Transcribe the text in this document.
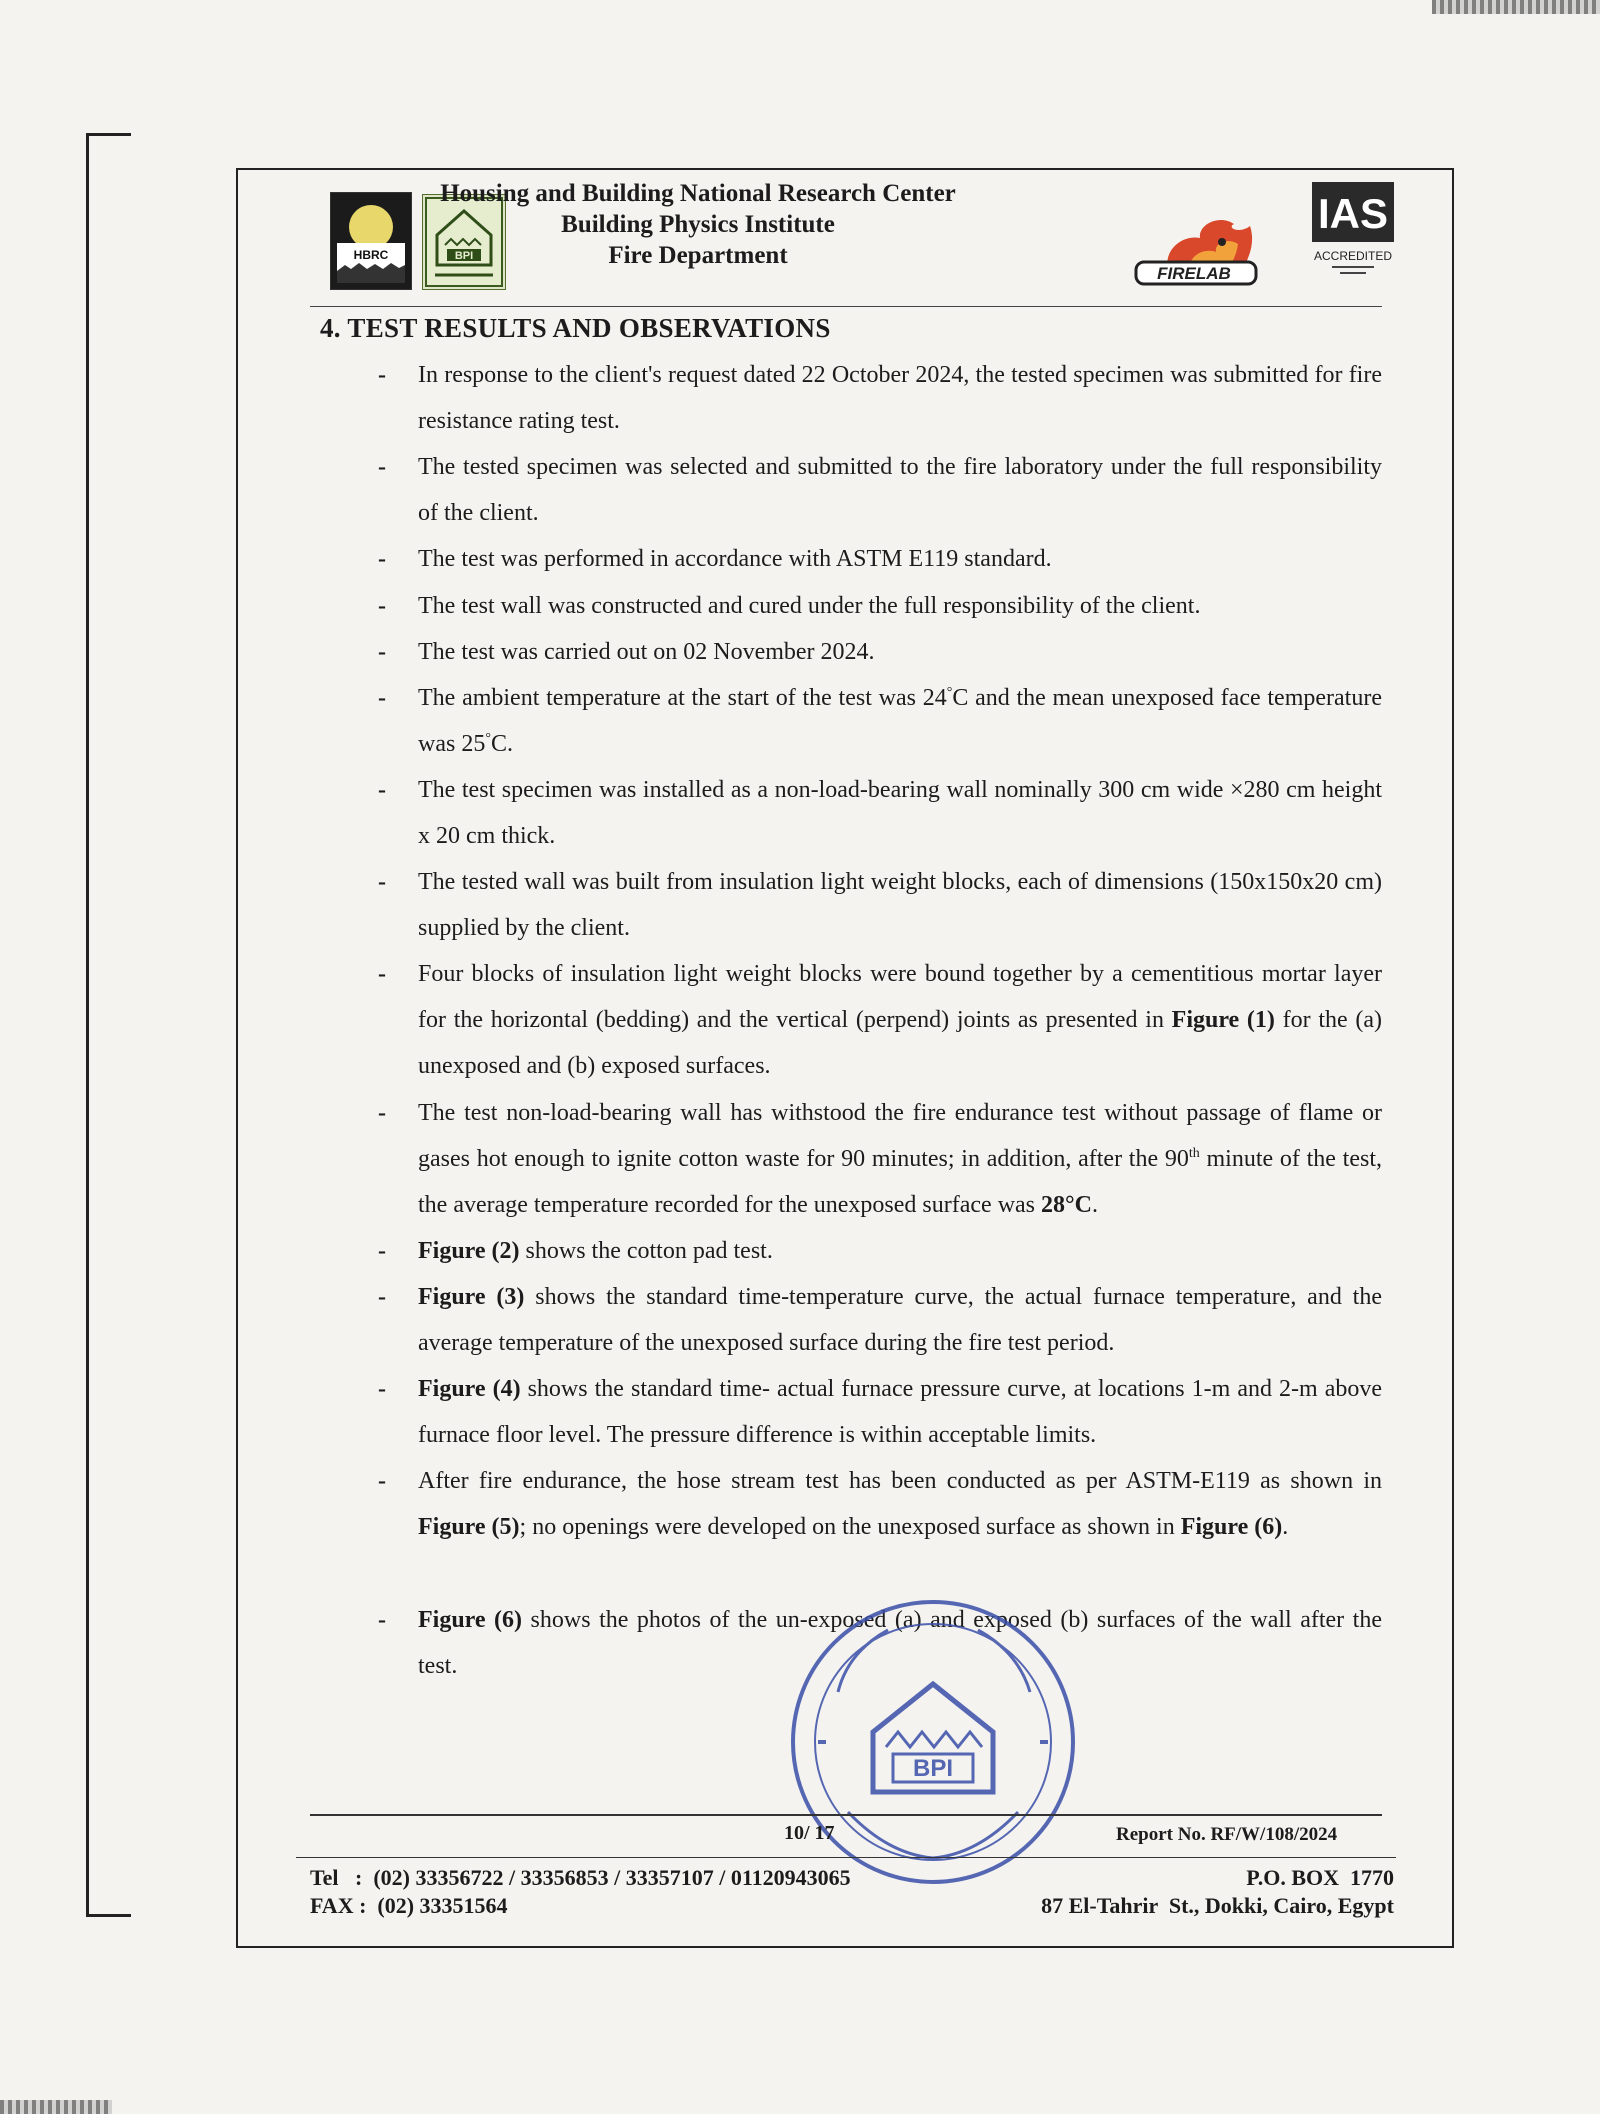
HBRC	BPI
Housing and Building National Research Center
Building Physics Institute
Fire Department
FIRELAB
IAS
ACCREDITED
4. TEST RESULTS AND OBSERVATIONS
- In response to the client's request dated 22 October 2024, the tested specimen was submitted for fire resistance rating test.
- The tested specimen was selected and submitted to the fire laboratory under the full responsibility of the client.
- The test was performed in accordance with ASTM E119 standard.
- The test wall was constructed and cured under the full responsibility of the client.
- The test was carried out on 02 November 2024.
- The ambient temperature at the start of the test was 24°C and the mean unexposed face temperature was 25°C.
- The test specimen was installed as a non-load-bearing wall nominally 300 cm wide ×280 cm height x 20 cm thick.
- The tested wall was built from insulation light weight blocks, each of dimensions (150x150x20 cm) supplied by the client.
- Four blocks of insulation light weight blocks were bound together by a cementitious mortar layer for the horizontal (bedding) and the vertical (perpend) joints as presented in Figure (1) for the (a) unexposed and (b) exposed surfaces.
- The test non-load-bearing wall has withstood the fire endurance test without passage of flame or gases hot enough to ignite cotton waste for 90 minutes; in addition, after the 90th minute of the test, the average temperature recorded for the unexposed surface was 28°C.
- Figure (2) shows the cotton pad test.
- Figure (3) shows the standard time-temperature curve, the actual furnace temperature, and the average temperature of the unexposed surface during the fire test period.
- Figure (4) shows the standard time- actual furnace pressure curve, at locations 1-m and 2-m above furnace floor level. The pressure difference is within acceptable limits.
- After fire endurance, the hose stream test has been conducted as per ASTM-E119 as shown in Figure (5); no openings were developed on the unexposed surface as shown in Figure (6).
- Figure (6) shows the photos of the un-exposed (a) and exposed (b) surfaces of the wall after the test.
BPI
10/ 17	Report No. RF/W/108/2024
Tel   :  (02) 33356722 / 33356853 / 33357107 / 01120943065
FAX :  (02) 33351564
P.O. BOX  1770
87 El-Tahrir  St., Dokki, Cairo, Egypt
